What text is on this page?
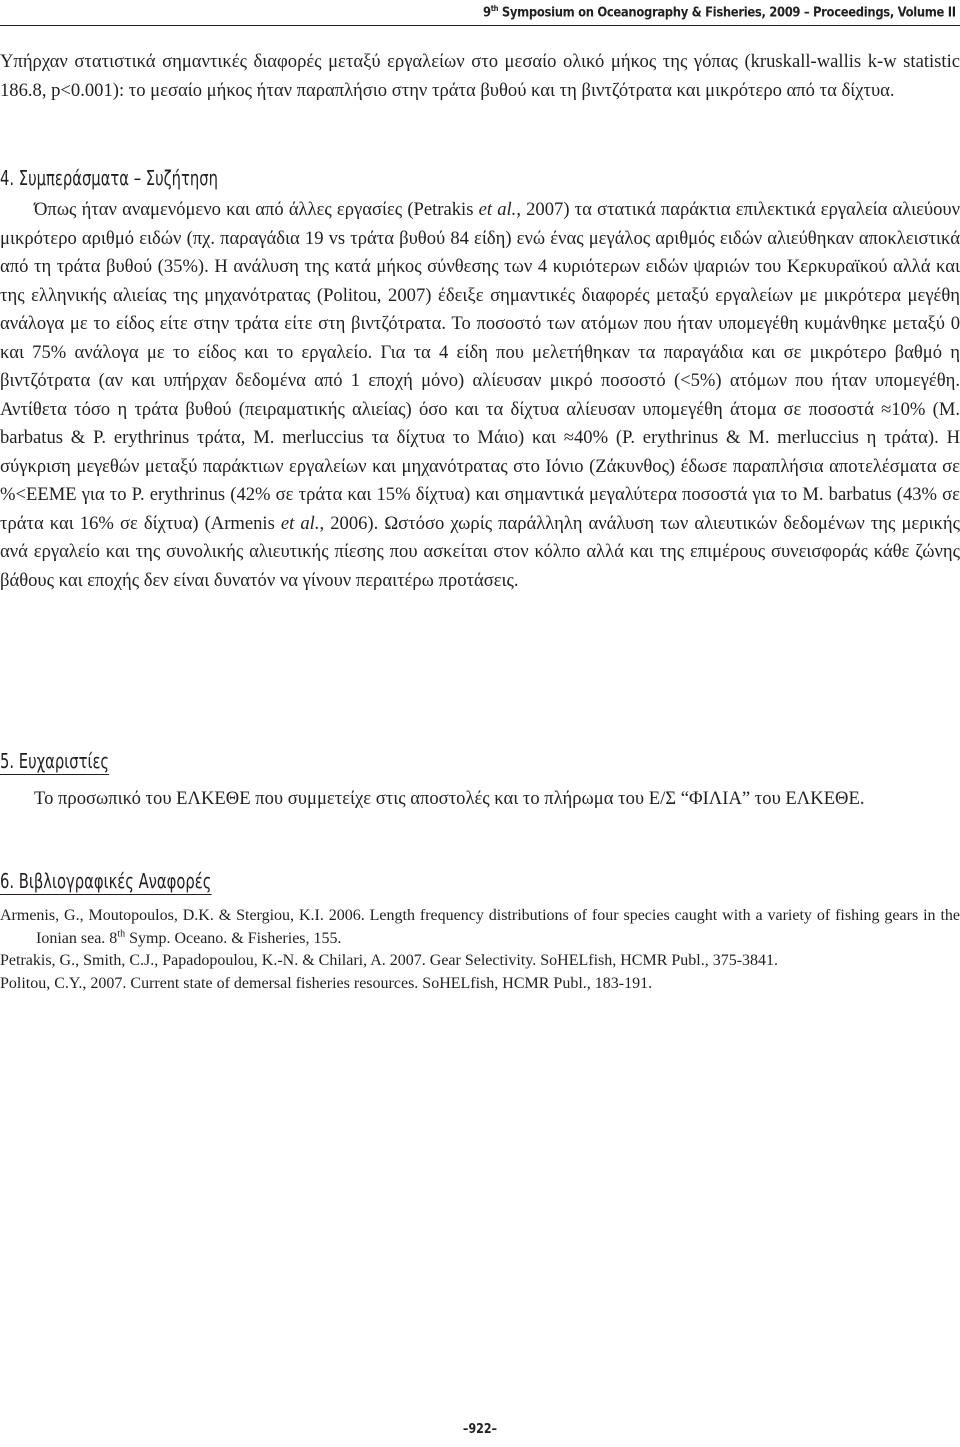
9th Symposium on Oceanography & Fisheries, 2009 – Proceedings, Volume II

Υπήρχαν στατιστικά σημαντικές διαφορές μεταξύ εργαλείων στο μεσαίο ολικό μήκος της γόπας (kruskall-wallis k-w statistic 186.8, p<0.001): το μεσαίο μήκος ήταν παραπλήσιο στην τράτα βυθού και τη βιντζότρατα και μικρότερο από τα δίχτυα.

4. Συμπεράσματα – Συζήτηση

Όπως ήταν αναμενόμενο και από άλλες εργασίες (Petrakis et al., 2007) τα στατικά παράκτια επιλεκτικά εργαλεία αλιεύουν μικρότερο αριθμό ειδών (πχ. παραγάδια 19 vs τράτα βυθού 84 είδη) ενώ ένας μεγάλος αριθμός ειδών αλιεύθηκαν αποκλειστικά από τη τράτα βυθού (35%). Η ανάλυση της κατά μήκος σύνθεσης των 4 κυριότερων ειδών ψαριών του Κερκυραϊκού αλλά και της ελληνικής αλιείας της μηχανότρατας (Politou, 2007) έδειξε σημαντικές διαφορές μεταξύ εργαλείων με μικρότερα μεγέθη ανάλογα με το είδος είτε στην τράτα είτε στη βιντζότρατα. Το ποσοστό των ατόμων που ήταν υπομεγέθη κυμάνθηκε μεταξύ 0 και 75% ανάλογα με το είδος και το εργαλείο. Για τα 4 είδη που μελετήθηκαν τα παραγάδια και σε μικρότερο βαθμό η βιντζότρατα (αν και υπήρχαν δεδομένα από 1 εποχή μόνο) αλίευσαν μικρό ποσοστό (<5%) ατόμων που ήταν υπομεγέθη. Αντίθετα τόσο η τράτα βυθού (πειραματικής αλιείας) όσο και τα δίχτυα αλίευσαν υπομεγέθη άτομα σε ποσοστά ≈10% (M. barbatus & P. erythrinus τράτα, M. merluccius τα δίχτυα το Μάιο) και ≈40% (P. erythrinus & M. merluccius η τράτα). Η σύγκριση μεγεθών μεταξύ παράκτιων εργαλείων και μηχανότρατας στο Ιόνιο (Ζάκυνθος) έδωσε παραπλήσια αποτελέσματα σε %<ΕΕΜΕ για το P. erythrinus (42% σε τράτα και 15% δίχτυα) και σημαντικά μεγαλύτερα ποσοστά για το M. barbatus (43% σε τράτα και 16% σε δίχτυα) (Armenis et al., 2006). Ωστόσο χωρίς παράλληλη ανάλυση των αλιευτικών δεδομένων της μερικής ανά εργαλείο και της συνολικής αλιευτικής πίεσης που ασκείται στον κόλπο αλλά και της επιμέρους συνεισφοράς κάθε ζώνης βάθους και εποχής δεν είναι δυνατόν να γίνουν περαιτέρω προτάσεις.

5. Ευχαριστίες

Το προσωπικό του ΕΛΚΕΘΕ που συμμετείχε στις αποστολές και το πλήρωμα του Ε/Σ “ΦΙΛΙΑ” του ΕΛΚΕΘΕ.

6. Βιβλιογραφικές Αναφορές
Armenis, G., Moutopoulos, D.K. & Stergiou, K.I. 2006. Length frequency distributions of four species caught with a variety of fishing gears in the Ionian sea. 8th Symp. Oceano. & Fisheries, 155.
Petrakis, G., Smith, C.J., Papadopoulou, K.-N. & Chilari, A. 2007. Gear Selectivity. SoHELfish, HCMR Publ., 375-3841.
Politou, C.Y., 2007. Current state of demersal fisheries resources. SoHELfish, HCMR Publ., 183-191.
–922–
